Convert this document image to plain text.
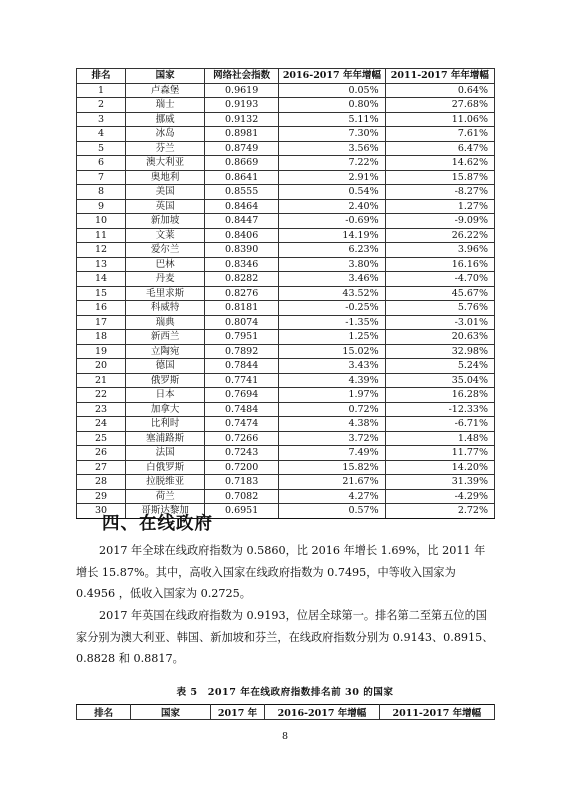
排名	国家	网络社会指数	2016-2017 年年增幅	2011-2017 年年增幅
1	卢森堡	0.9619	0.05%	0.64%
2	瑞士	0.9193	0.80%	27.68%
3	挪威	0.9132	5.11%	11.06%
4	冰岛	0.8981	7.30%	7.61%
5	芬兰	0.8749	3.56%	6.47%
6	澳大利亚	0.8669	7.22%	14.62%
7	奥地利	0.8641	2.91%	15.87%
8	美国	0.8555	0.54%	-8.27%
9	英国	0.8464	2.40%	1.27%
10	新加坡	0.8447	-0.69%	-9.09%
11	文莱	0.8406	14.19%	26.22%
12	爱尔兰	0.8390	6.23%	3.96%
13	巴林	0.8346	3.80%	16.16%
14	丹麦	0.8282	3.46%	-4.70%
15	毛里求斯	0.8276	43.52%	45.67%
16	科威特	0.8181	-0.25%	5.76%
17	瑞典	0.8074	-1.35%	-3.01%
18	新西兰	0.7951	1.25%	20.63%
19	立陶宛	0.7892	15.02%	32.98%
20	德国	0.7844	3.43%	5.24%
21	俄罗斯	0.7741	4.39%	35.04%
22	日本	0.7694	1.97%	16.28%
23	加拿大	0.7484	0.72%	-12.33%
24	比利时	0.7474	4.38%	-6.71%
25	塞浦路斯	0.7266	3.72%	1.48%
26	法国	0.7243	7.49%	11.77%
27	白俄罗斯	0.7200	15.82%	14.20%
28	拉脱维亚	0.7183	21.67%	31.39%
29	荷兰	0.7082	4.27%	-4.29%
30	哥斯达黎加	0.6951	0.57%	2.72%
四、在线政府

2017 年全球在线政府指数为 0.5860，比 2016 年增长 1.69%，比 2011 年增长 15.87%。其中，高收入国家在线政府指数为 0.7495，中等收入国家为 0.4956 ，低收入国家为 0.2725。

2017 年英国在线政府指数为 0.9193，位居全球第一。排名第二至第五位的国家分别为澳大利亚、韩国、新加坡和芬兰，在线政府指数分别为 0.9143、0.8915、0.8828 和 0.8817。

表 5　2017 年在线政府指数排名前 30 的国家
排名	国家	2017 年	2016-2017 年增幅	2011-2017 年增幅
8
